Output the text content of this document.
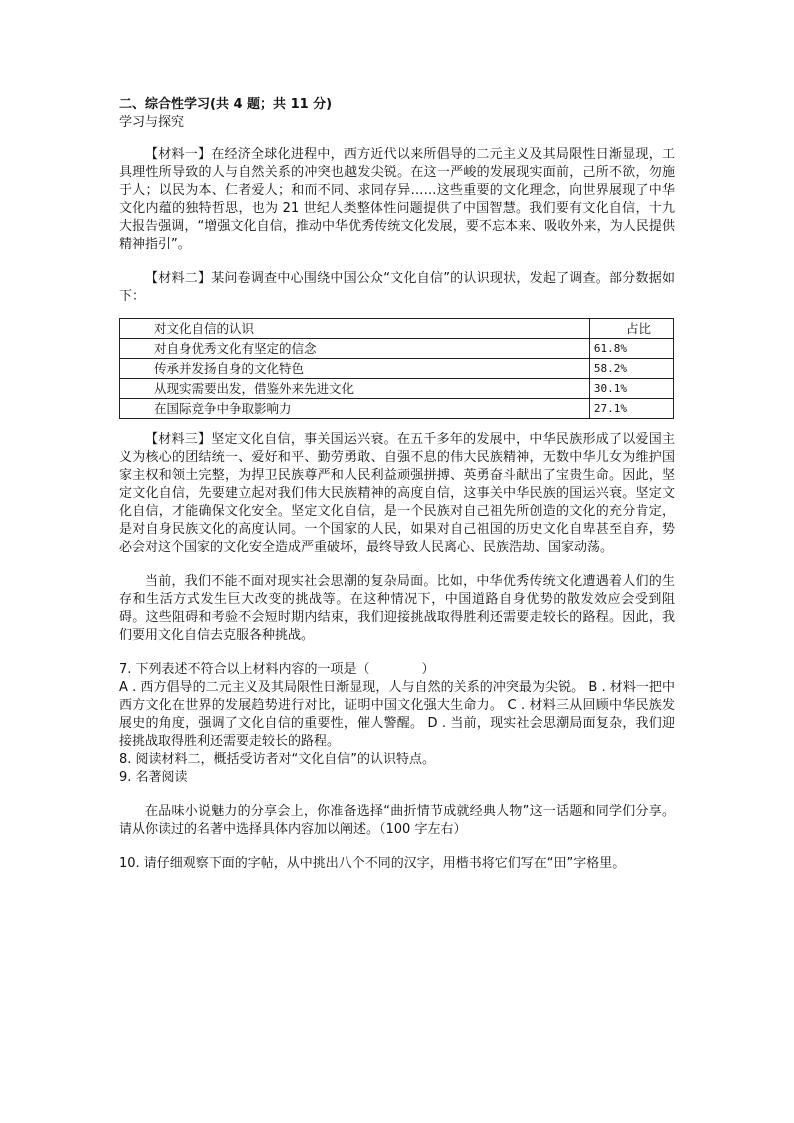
二、综合性学习(共 4 题；共 11 分)

学习与探究

【材料一】在经济全球化进程中，西方近代以来所倡导的二元主义及其局限性日渐显现，工具理性所导致的人与自然关系的冲突也越发尖锐。在这一严峻的发展现实面前，己所不欲，勿施于人；以民为本、仁者爱人；和而不同、求同存异……这些重要的文化理念，向世界展现了中华文化内蕴的独特哲思，也为 21 世纪人类整体性问题提供了中国智慧。我们要有文化自信，十九大报告强调，“增强文化自信，推动中华优秀传统文化发展，要不忘本来、吸收外来，为人民提供精神指引”。

【材料二】某问卷调查中心围绕中国公众“文化自信”的认识现状，发起了调查。部分数据如下：

对文化自信的认识	占比
对自身优秀文化有坚定的信念	61.8%
传承并发扬自身的文化特色	58.2%
从现实需要出发，借鉴外来先进文化	30.1%
在国际竞争中争取影响力	27.1%

【材料三】坚定文化自信，事关国运兴衰。在五千多年的发展中，中华民族形成了以爱国主义为核心的团结统一、爱好和平、勤劳勇敢、自强不息的伟大民族精神，无数中华儿女为维护国家主权和领土完整，为捍卫民族尊严和人民利益顽强拼搏、英勇奋斗献出了宝贵生命。因此，坚定文化自信，先要建立起对我们伟大民族精神的高度自信，这事关中华民族的国运兴衰。坚定文化自信，才能确保文化安全。坚定文化自信，是一个民族对自己祖先所创造的文化的充分肯定，是对自身民族文化的高度认同。一个国家的人民，如果对自己祖国的历史文化自卑甚至自弃，势必会对这个国家的文化安全造成严重破坏，最终导致人民离心、民族浩劫、国家动荡。

当前，我们不能不面对现实社会思潮的复杂局面。比如，中华优秀传统文化遭遇着人们的生存和生活方式发生巨大改变的挑战等。在这种情况下，中国道路自身优势的散发效应会受到阻碍。这些阻碍和考验不会短时期内结束，我们迎接挑战取得胜利还需要走较长的路程。因此，我们要用文化自信去克服各种挑战。

7. 下列表述不符合以上材料内容的一项是（　　　　）

A . 西方倡导的二元主义及其局限性日渐显现，人与自然的关系的冲突最为尖锐。 B . 材料一把中西方文化在世界的发展趋势进行对比，证明中国文化强大生命力。 C . 材料三从回顾中华民族发展史的角度，强调了文化自信的重要性，催人警醒。 D . 当前，现实社会思潮局面复杂，我们迎接挑战取得胜利还需要走较长的路程。

8. 阅读材料二，概括受访者对“文化自信”的认识特点。

9. 名著阅读

在品味小说魅力的分享会上，你准备选择“曲折情节成就经典人物”这一话题和同学们分享。请从你读过的名著中选择具体内容加以阐述。（100 字左右）

10. 请仔细观察下面的字帖，从中挑出八个不同的汉字，用楷书将它们写在“田”字格里。
